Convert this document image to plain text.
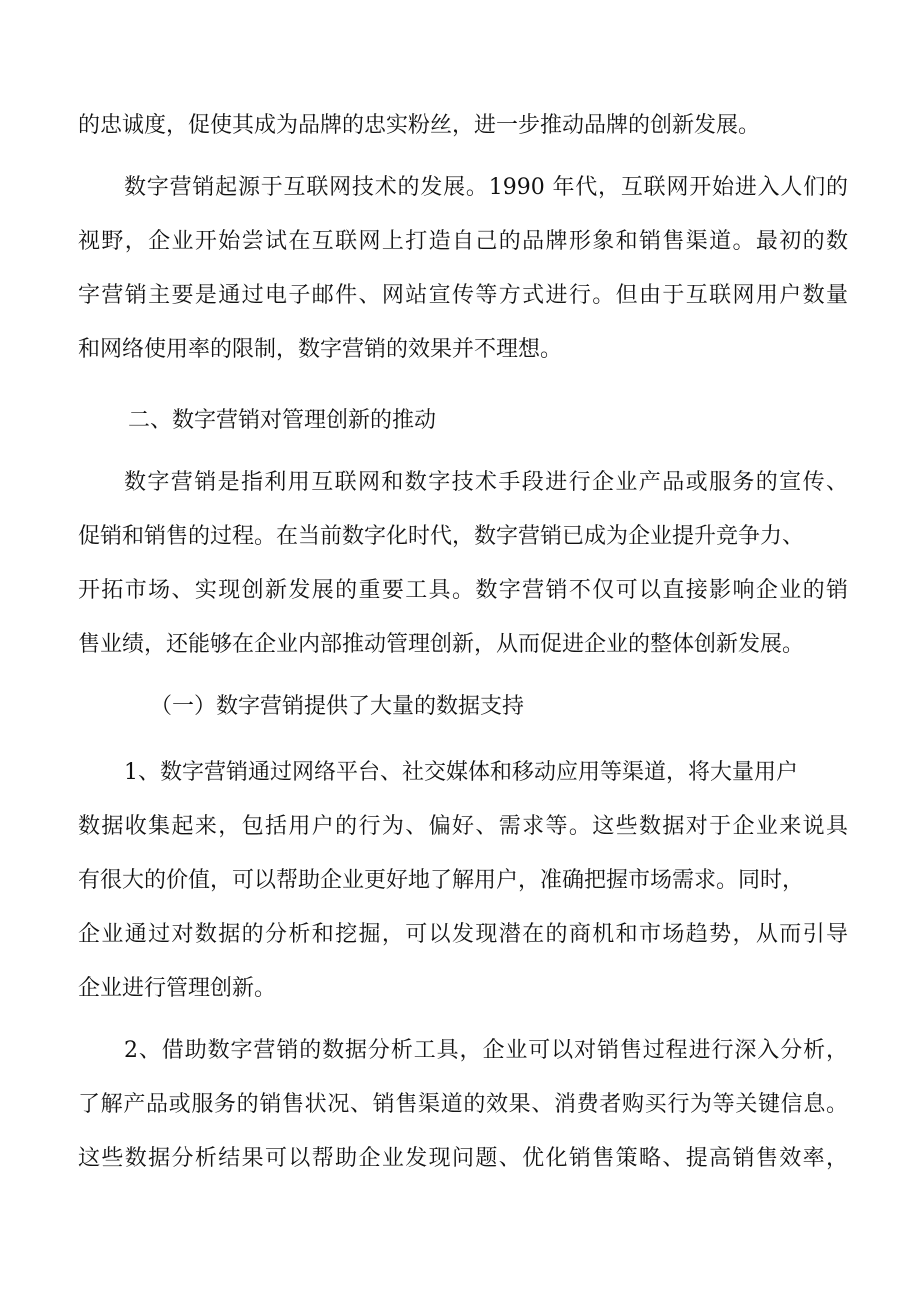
的忠诚度，促使其成为品牌的忠实粉丝，进一步推动品牌的创新发展。
数字营销起源于互联网技术的发展。1990 年代，互联网开始进入人们的
视野，企业开始尝试在互联网上打造自己的品牌形象和销售渠道。最初的数
字营销主要是通过电子邮件、网站宣传等方式进行。但由于互联网用户数量
和网络使用率的限制，数字营销的效果并不理想。
二、数字营销对管理创新的推动
数字营销是指利用互联网和数字技术手段进行企业产品或服务的宣传、
促销和销售的过程。在当前数字化时代，数字营销已成为企业提升竞争力、
开拓市场、实现创新发展的重要工具。数字营销不仅可以直接影响企业的销
售业绩，还能够在企业内部推动管理创新，从而促进企业的整体创新发展。
（一）数字营销提供了大量的数据支持
1、数字营销通过网络平台、社交媒体和移动应用等渠道，将大量用户
数据收集起来，包括用户的行为、偏好、需求等。这些数据对于企业来说具
有很大的价值，可以帮助企业更好地了解用户，准确把握市场需求。同时，
企业通过对数据的分析和挖掘，可以发现潜在的商机和市场趋势，从而引导
企业进行管理创新。
2、借助数字营销的数据分析工具，企业可以对销售过程进行深入分析，
了解产品或服务的销售状况、销售渠道的效果、消费者购买行为等关键信息。
这些数据分析结果可以帮助企业发现问题、优化销售策略、提高销售效率，
